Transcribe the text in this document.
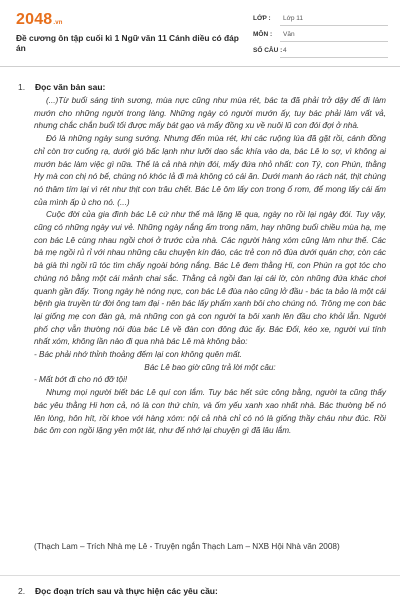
2048.vn
Đề cương ôn tập cuối kì 1 Ngữ văn 11 Cánh diều có đáp án
LỚP : Lớp 11
MÔN : Văn
SỐ CÂU : 4
1. Đọc văn bản sau:

(...)Từ buổi sáng tinh sương, mùa nực cũng như mùa rét, bác ta đã phải trở dậy để đi làm mướn cho những người trong làng. Những ngày có người mướn ấy, tuy bác phải làm vất vả, nhưng chắc chắn buổi tối được mấy bát gạo và mấy đồng xu về nuôi lũ con đói đợi ở nhà.

Đó là những ngày sung sướng. Nhưng đến mùa rét, khi các ruộng lúa đã gặt rồi, cánh đồng chỉ còn trơ cuống rạ, dưới gió bấc lạnh như lưỡi dao sắc khía vào da, bác Lê lo sợ, vì không ai mướn bác làm việc gì nữa. Thế là cả nhà nhịn đói, mấy đứa nhỏ nhất: con Tý, con Phún, thằng Hy mà con chị nó bế, chúng nó khóc lả đi mà không có cái ăn. Dưới manh áo rách nát, thịt chúng nó thâm tím lại vì rét như thịt con trâu chết. Bác Lê ôm lấy con trong ổ rơm, để mong lấy cái ấm của mình ấp ủ cho nó. (...)

Cuộc đời của gia đình bác Lê cứ như thế mà lặng lẽ qua, ngày no rồi lại ngày đói. Tuy vậy, cũng có những ngày vui vẻ. Những ngày nắng ấm trong năm, hay những buổi chiều mùa hạ, mẹ con bác Lê cùng nhau ngồi chơi ở trước cửa nhà. Các người hàng xóm cũng làm như thế. Các bà mẹ ngồi rủ rỉ với nhau những câu chuyện kín đáo, các trẻ con nô đùa dưới quán chợ, còn các bà già thì ngồi rũ tóc tìm chấy ngoài bóng nắng. Bác Lê đem thằng Hi, con Phún ra gọt tóc cho chúng nó bằng một cái mảnh chai sắc. Thằng cả ngồi đan lại cái lờ, còn những đứa khác chơi quanh gần đấy. Trong ngày hè nóng nực, con bác Lê đùa nào cũng lở đầu - bác ta bảo là một cái bệnh gia truyền từ đời ông tam đại - nên bác lấy phẩm xanh bôi cho chúng nó. Trông mẹ con bác lại giống mẹ con đàn gà, mà những con gà con người ta bôi xanh lên đầu cho khỏi lẫn. Người phố chợ vẫn thường nói đùa bác Lê về đàn con đông đúc ấy. Bác Đối, kéo xe, người vui tính nhất xóm, không lần nào đi qua nhà bác Lê mà không bảo:

- Bác phải nhớ thỉnh thoảng đếm lại con không quên mất.

Bác Lê bao giờ cũng trả lời một câu:

- Mất bớt đi cho nó đỡ tội!

Nhưng mọi người biết bác Lê quí con lắm. Tuy bác hết sức công bằng, người ta cũng thấy bác yêu thằng Hi hơn cả, nó là con thứ chín, và ốm yếu xanh xao nhất nhà. Bác thường bế nó lên lòng, hôn hít, rồi khoe với hàng xóm: nội cả nhà chỉ có nó là giống thầy cháu như đúc. Rồi bác ôm con ngồi lặng yên một lát, như để nhớ lại chuyện gì đã lâu lắm.

(Thạch Lam – Trích Nhà mẹ Lê - Truyện ngắn Thạch Lam – NXB Hội Nhà văn 2008)
2. Đọc đoạn trích sau và thực hiện các yêu cầu:
